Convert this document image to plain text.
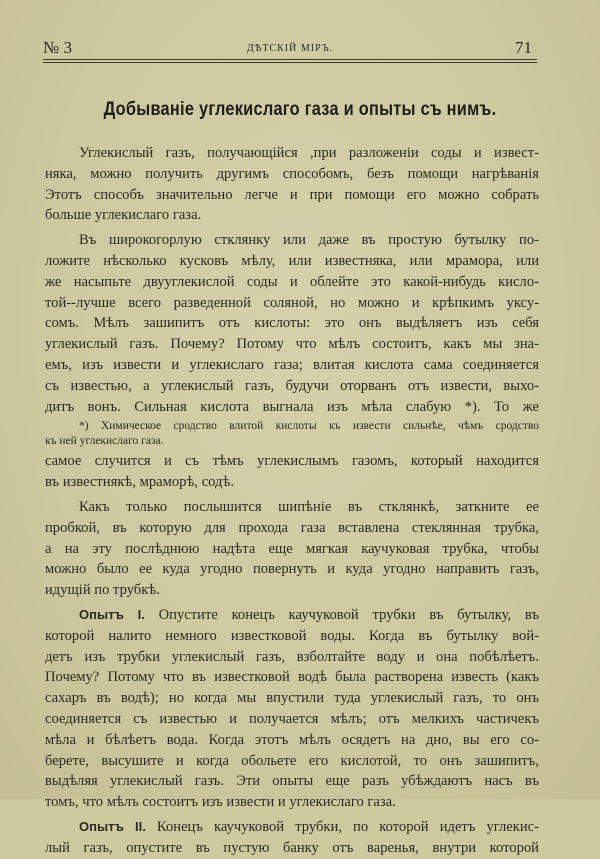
№ 3	ДѢТСКІЙ МІРЪ.	71
Добываніе углекислаго газа и опыты съ нимъ.

Углекислый газъ, получающійся ,при разложеніи соды и извест-
няка, можно получить другимъ способомъ, безъ помощи нагрѣванія
Этотъ способъ значительно легче и при помощи его можно собрать
больше углекислаго газа.

Въ широкогорлую стклянку или даже въ простую бутылку по-
ложите нѣсколько кусковъ мѣлу, или известняка, или мрамора, или
же насыпьте двууглекислой соды и облейте это какой-нибудь кисло-
той--лучше всего разведенной соляной, но можно и крѣпкимъ уксу-
сомъ. Мѣлъ зашипитъ отъ кислоты: это онъ выдѣляетъ изъ себя
углекислый газъ. Почему? Потому что мѣлъ состоитъ, какъ мы зна-
емъ, изъ извести и углекислаго газа; влитая кислота сама соединяется
съ известью, а углекислый газъ, будучи оторванъ отъ извести, выхо-
дитъ вонъ. Сильная кислота выгнала изъ мѣла слабую *). То же

*) Химическое сродство влитой кислоты къ извести сильнѣе, чѣмъ сродство
къ ней углекислаго газа.

самое случится и съ тѣмъ углекислымъ газомъ, который находится
въ известнякѣ, мраморѣ, содѣ.

Какъ только послышится шипѣніе въ стклянкѣ, заткните ее
пробкой, въ которую для прохода газа вставлена стеклянная трубка,
а на эту послѣднюю надѣта еще мягкая каучуковая трубка, чтобы
можно было ее куда угодно повернуть и куда угодно направить газъ,
идущій по трубкѣ.

Опытъ I. Опустите конецъ каучуковой трубки въ бутылку, въ
которой налито немного известковой воды. Когда въ бутылку вой-
детъ изъ трубки углекислый газъ, взболтайте воду и она побѣлѣетъ.
Почему? Потому что въ известковой водѣ была растворена известь (какъ
сахаръ въ водѣ); но когда мы впустили туда углекислый газъ, то онъ
соединяется съ известью и получается мѣлъ; отъ мелкихъ частичекъ
мѣла и бѣлѣетъ вода. Когда этотъ мѣлъ осядетъ на дно, вы его со-
берете, высушите и когда обольете его кислотой, то онъ зашипитъ,
выдѣляя углекислый газъ. Эти опыты еще разъ убѣждаютъ насъ въ
томъ, что мѣлъ состоитъ изъ извести и углекислаго газа.

Опытъ II. Конецъ каучуковой трубки, по которой идетъ углекис-
лый газъ, опустите въ пустую банку отъ варенья, внутри которой
